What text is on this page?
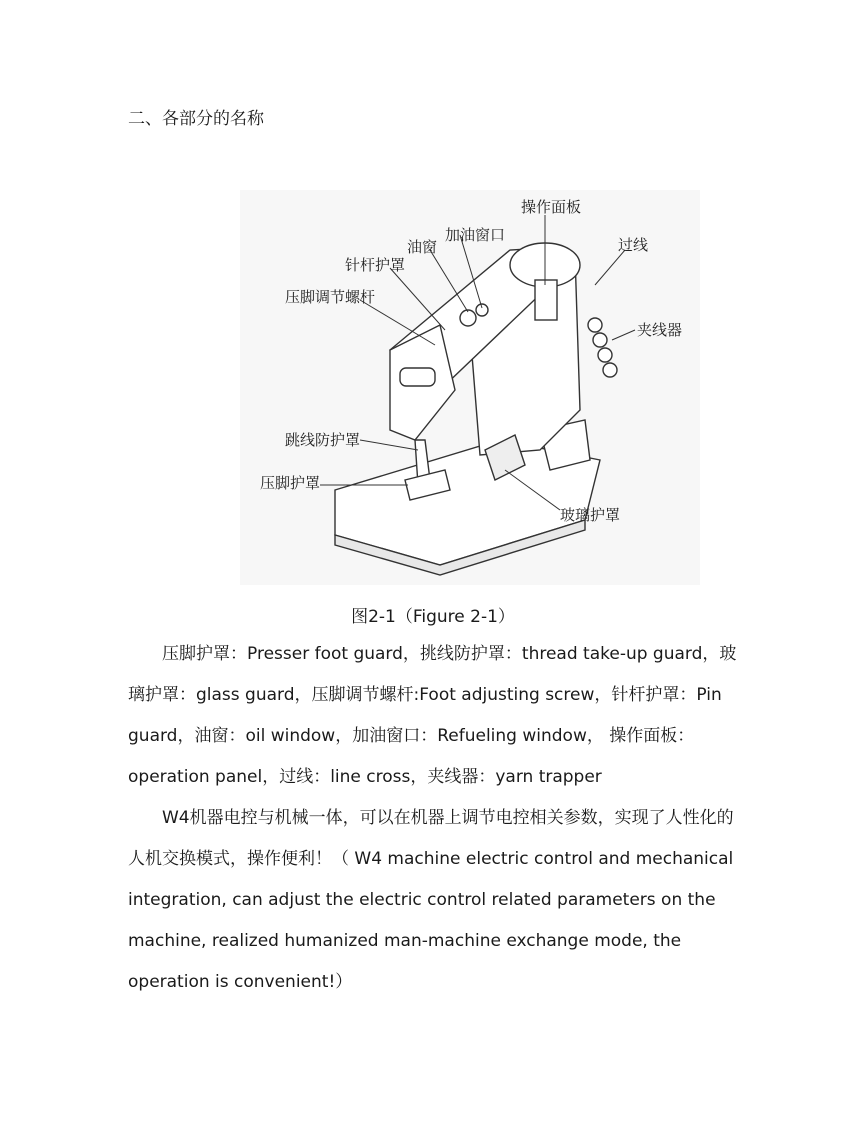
二、各部分的名称
操作面板
加油窗口
油窗
针杆护罩
压脚调节螺杆
过线
夹线器
跳线防护罩
压脚护罩
玻璃护罩
图2-1（Figure 2-1）
压脚护罩：Presser foot guard，挑线防护罩：thread take-up guard，玻璃护罩：glass guard，压脚调节螺杆:Foot adjusting screw，针杆护罩：Pin guard，油窗：oil window，加油窗口：Refueling window， 操作面板：operation panel，过线：line cross，夹线器：yarn trapper
W4机器电控与机械一体，可以在机器上调节电控相关参数，实现了人性化的人机交换模式，操作便利！（ W4 machine electric control and mechanical integration, can adjust the electric control related parameters on the machine, realized humanized man-machine exchange mode, the operation is convenient!）
